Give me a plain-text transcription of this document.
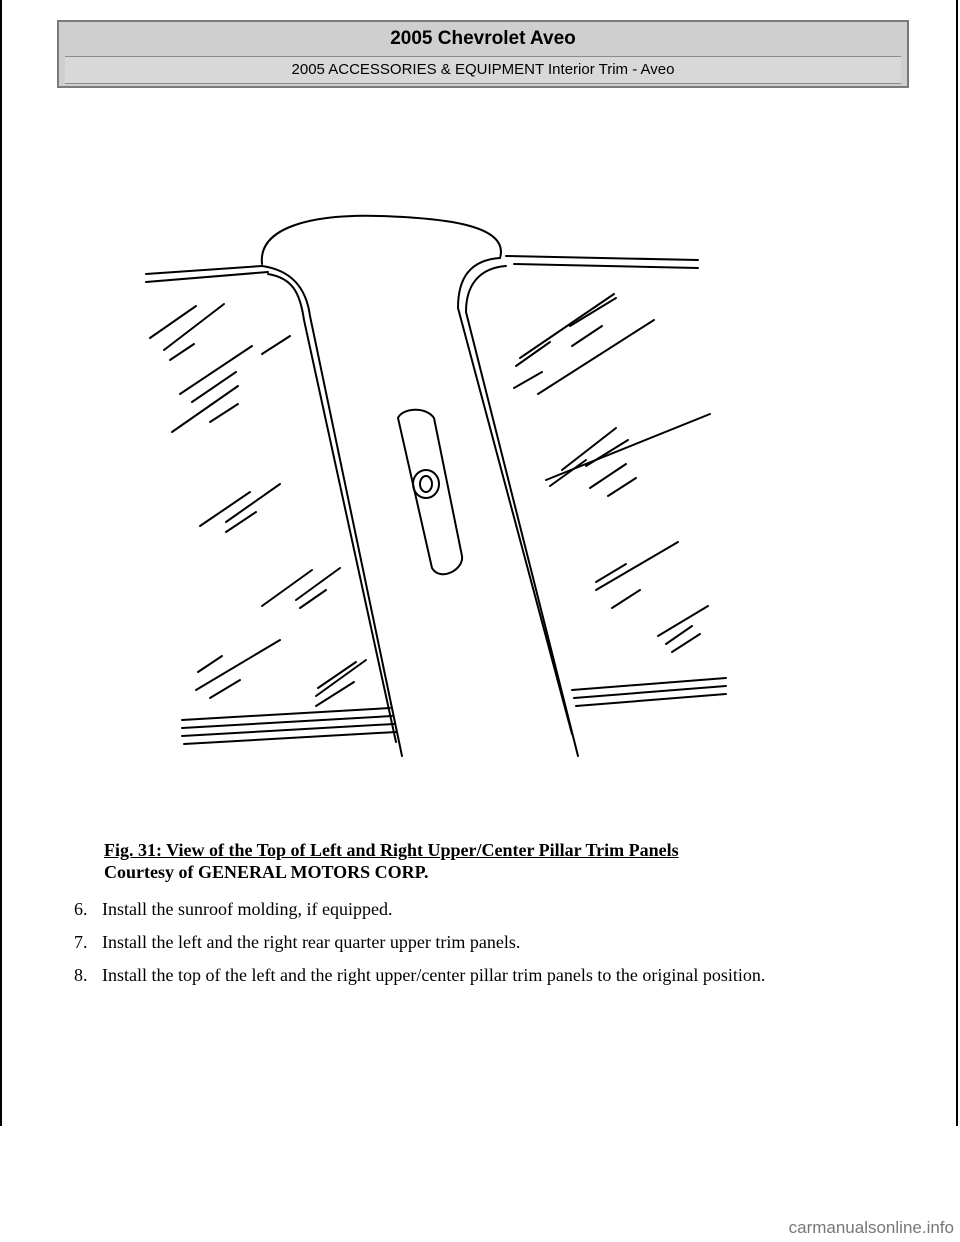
2005 Chevrolet Aveo
2005 ACCESSORIES & EQUIPMENT Interior Trim - Aveo
Fig. 31: View of the Top of Left and Right Upper/Center Pillar Trim Panels
Courtesy of GENERAL MOTORS CORP.
6. Install the sunroof molding, if equipped.
7. Install the left and the right rear quarter upper trim panels.
8. Install the top of the left and the right upper/center pillar trim panels to the original position.
carmanualsonline.info
